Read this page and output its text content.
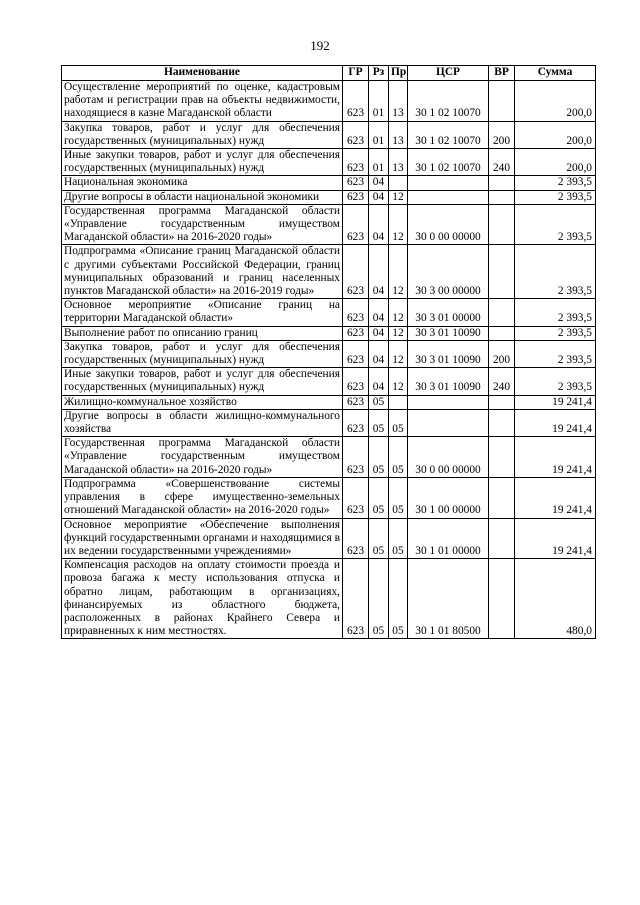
192
Наименование	ГР	Рз	Пр	ЦСР	ВР	Сумма
Осуществление мероприятий по оценке, кадастровым работам и регистрации прав на объекты недвижимости, находящиеся в казне Магаданской области	623	01	13	30 1 02 10070		200,0
Закупка товаров, работ и услуг для обеспечения государственных (муниципальных) нужд	623	01	13	30 1 02 10070	200	200,0
Иные закупки товаров, работ и услуг для обеспечения государственных (муниципальных) нужд	623	01	13	30 1 02 10070	240	200,0
Национальная экономика	623	04				2 393,5
Другие вопросы в области национальной экономики	623	04	12			2 393,5
Государственная программа Магаданской области «Управление государственным имуществом Магаданской области» на 2016-2020 годы»	623	04	12	30 0 00 00000		2 393,5
Подпрограмма «Описание границ Магаданской области с другими субъектами Российской Федерации, границ муниципальных образований и границ населенных пунктов Магаданской области» на 2016-2019 годы»	623	04	12	30 3 00 00000		2 393,5
Основное мероприятие «Описание границ на территории Магаданской области»	623	04	12	30 3 01 00000		2 393,5
Выполнение работ по описанию границ	623	04	12	30 3 01 10090		2 393,5
Закупка товаров, работ и услуг для обеспечения государственных (муниципальных) нужд	623	04	12	30 3 01 10090	200	2 393,5
Иные закупки товаров, работ и услуг для обеспечения государственных (муниципальных) нужд	623	04	12	30 3 01 10090	240	2 393,5
Жилищно-коммунальное хозяйство	623	05				19 241,4
Другие вопросы в области жилищно-коммунального хозяйства	623	05	05			19 241,4
Государственная программа Магаданской области «Управление государственным имуществом Магаданской области» на 2016-2020 годы»	623	05	05	30 0 00 00000		19 241,4
Подпрограмма «Совершенствование системы управления в сфере имущественно-земельных отношений Магаданской области» на 2016-2020 годы»	623	05	05	30 1 00 00000		19 241,4
Основное мероприятие «Обеспечение выполнения функций государственными органами и находящимися в их ведении государственными учреждениями»	623	05	05	30 1 01 00000		19 241,4
Компенсация расходов на оплату стоимости проезда и провоза багажа к месту использования отпуска и обратно лицам, работающим в организациях, финансируемых из областного бюджета, расположенных в районах Крайнего Севера и приравненных к ним местностях.	623	05	05	30 1 01 80500		480,0
